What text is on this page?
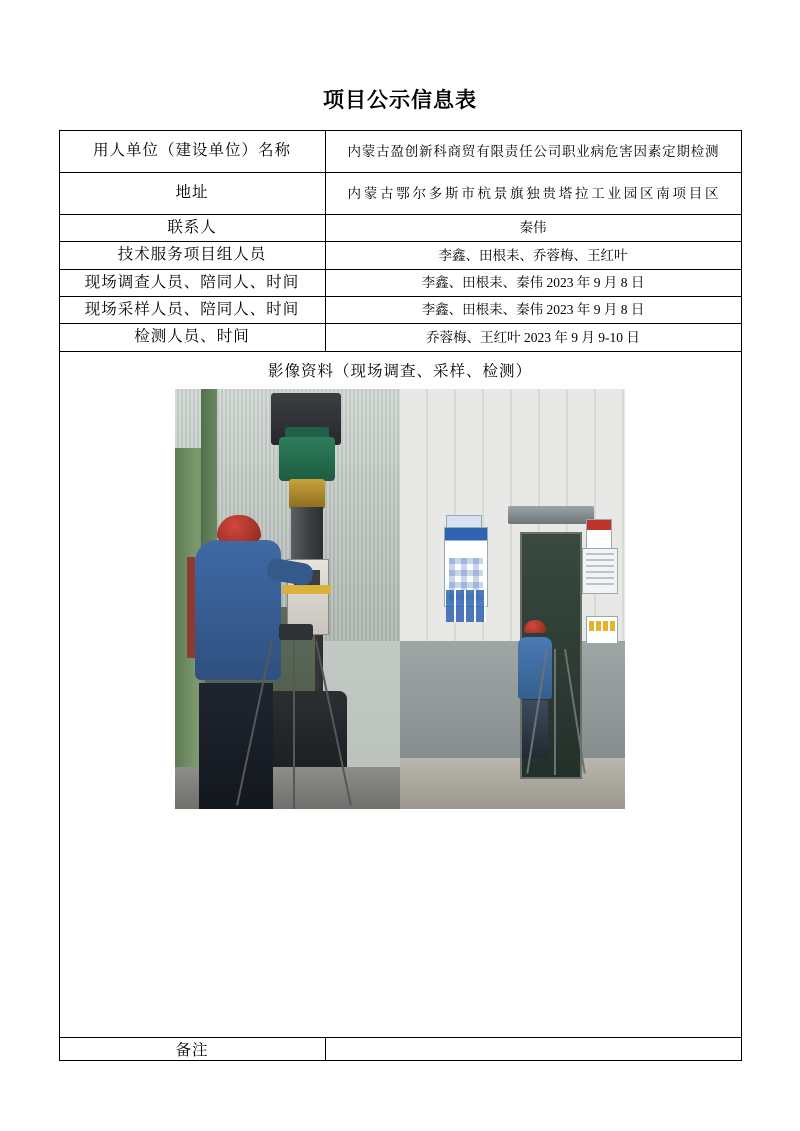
项目公示信息表
用人单位（建设单位）名称	内蒙古盈创新科商贸有限责任公司职业病危害因素定期检测
地址	内蒙古鄂尔多斯市杭景旗独贵塔拉工业园区南项目区
联系人	秦伟
技术服务项目组人员	李鑫、田根耒、乔蓉梅、王红叶
现场调查人员、陪同人、时间	李鑫、田根耒、秦伟 2023 年 9 月 8 日
现场采样人员、陪同人、时间	李鑫、田根耒、秦伟 2023 年 9 月 8 日
检测人员、时间	乔蓉梅、王红叶 2023 年 9 月 9-10 日

影像资料（现场调查、采样、检测）	

备注	
